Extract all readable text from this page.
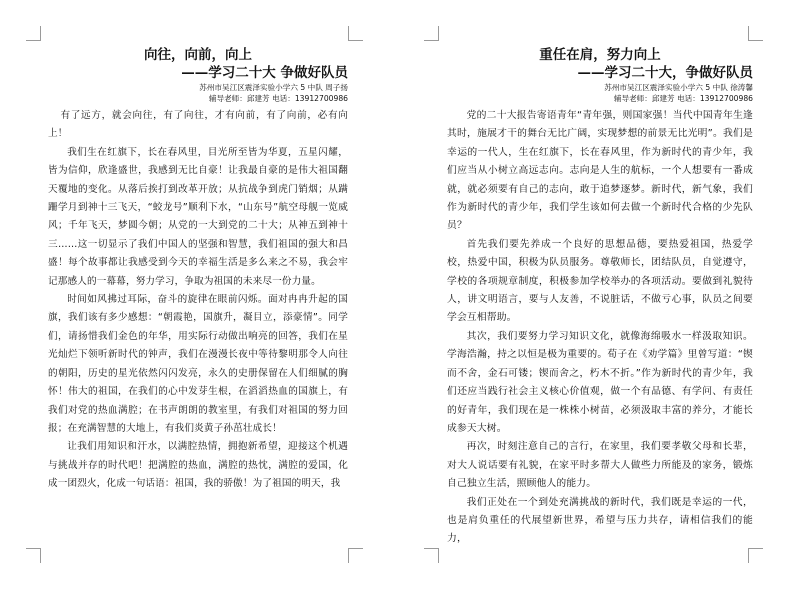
向往，向前，向上

——学习二十大 争做好队员

苏州市吴江区震泽实验小学六 5 中队 周子扬

辅导老师：邱建芳 电话：13912700986

有了远方，就会向往，有了向往，才有向前，有了向前，必有向上！

我们生在红旗下，长在春风里，目光所至皆为华夏，五星闪耀，皆为信仰，欣逢盛世，我感到无比自豪！让我最自豪的是伟大祖国翻天覆地的变化。从落后挨打到改革开放；从抗战争到虎门销烟；从蹒跚学月到神十三飞天，“蛟龙号”顺利下水，“山东号”航空母舰一览威风；千年飞天，梦圆今朝；从党的一大到党的二十大；从神五到神十三……这一切显示了我们中国人的坚强和智慧，我们祖国的强大和昌盛！每个故事都让我感受到今天的幸福生活是多么来之不易，我会牢记那感人的一幕幕，努力学习，争取为祖国的未来尽一份力量。

时间如风拂过耳际，奋斗的旋律在眼前闪烁。面对冉冉升起的国旗，我们该有多少感想：“朝霞艳，国旗升，凝目立，添豪情”。同学们，请扬惜我们金色的年华，用实际行动做出响亮的回答，我们在星光灿烂下领听新时代的钟声，我们在漫漫长夜中等待黎明那令人向往的朝阳，历史的星光依然闪闪发亮，永久的史册保留在人们细腻的胸怀！伟大的祖国，在我们的心中发芽生根，在滔滔热血的国旗上，有我们对党的热血满腔；在书声朗朗的教室里，有我们对祖国的努力回报；在充满智慧的大地上，有我们炎黄子孙茁壮成长！

让我们用知识和汗水，以满腔热情，拥抱新希望，迎接这个机遇与挑战并存的时代吧！把满腔的热血，满腔的热忱，满腔的爱国，化成一团烈火，化成一句话语：祖国，我的骄傲！为了祖国的明天，我

重任在肩，努力向上

——学习二十大，争做好队员

苏州市吴江区震泽实验小学六 5 中队 徐涛馨

辅导老师：邱建芳 电话：13912700986

党的二十大报告寄语青年“青年强，则国家强！当代中国青年生逢其时，施展才干的舞台无比广阔，实现梦想的前景无比光明”。我们是幸运的一代人，生在红旗下，长在春风里，作为新时代的青少年，我们应当从小树立高远志向。志向是人生的航标，一个人想要有一番成就，就必须要有自己的志向，敢于追梦逐梦。新时代，新气象，我们作为新时代的青少年，我们学生该如何去做一个新时代合格的少先队员？

首先我们要先养成一个良好的思想品德，要热爱祖国，热爱学校，热爱中国，积极为队员服务。尊敬师长，团结队员，自觉遵守，学校的各项规章制度，积极参加学校举办的各项活动。要做到礼貌待人，讲文明语言，要与人友善，不说脏话，不做亏心事，队员之间要学会互相帮助。

其次，我们要努力学习知识文化，就像海绵吸水一样汲取知识。学海浩瀚，持之以恒是极为重要的。荀子在《劝学篇》里曾写道：“锲而不舍，金石可镂；锲而舍之，朽木不折。”作为新时代的青少年，我们还应当践行社会主义核心价值观，做一个有品德、有学问、有责任的好青年，我们现在是一株株小树苗，必须汲取丰富的养分，才能长成参天大树。

再次，时刻注意自己的言行，在家里，我们要孝敬父母和长辈，对大人说话要有礼貌，在家平时多帮大人做些力所能及的家务，锻炼自己独立生活，照顾他人的能力。

我们正处在一个到处充满挑战的新时代，我们既是幸运的一代，也是肩负重任的代展望新世界，希望与压力共存，请相信我们的能力，
